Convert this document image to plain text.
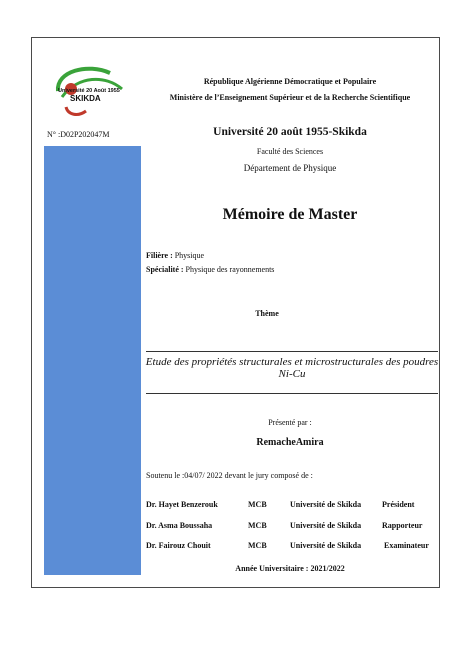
Université 20 Août 1955
SKIKDA
République Algérienne Démocratique et Populaire
Ministère de l’Enseignement Supérieur et de la Recherche Scientifique
N° :D02P202047M	Université 20 août 1955-Skikda
Faculté des Sciences
Département de Physique
Mémoire de Master
Filière : Physique
Spécialité : Physique des rayonnements
Thème
Etude des propriétés structurales et microstructurales des poudres Ni-Cu
Présenté par :
RemacheAmira
Soutenu le :04/07/ 2022 devant le jury composé de :
Dr. Hayet Benzerouk	MCB	Université de Skikda	Président
Dr. Asma Boussaha	MCB	Université de Skikda	Rapporteur
Dr. Fairouz Chouit	MCB	Université de Skikda	Examinateur
Année Universitaire : 2021/2022
